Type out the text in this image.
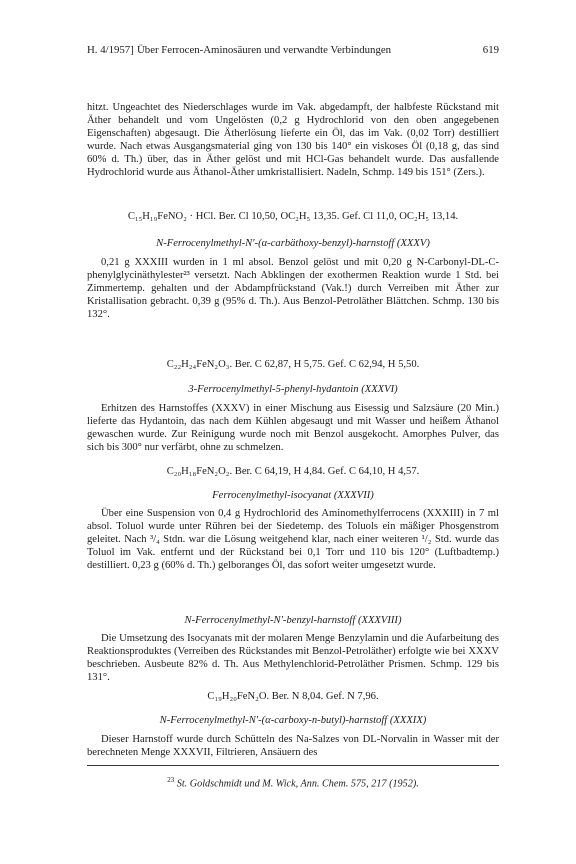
H. 4/1957] Über Ferrocen-Aminosäuren und verwandte Verbindungen	619

hitzt. Ungeachtet des Niederschlages wurde im Vak. abgedampft, der halbfeste Rückstand mit Äther behandelt und vom Ungelösten (0,2 g Hydrochlorid von den oben angegebenen Eigenschaften) abgesaugt. Die Ätherlösung lieferte ein Öl, das im Vak. (0,02 Torr) destilliert wurde. Nach etwas Ausgangsmaterial ging von 130 bis 140° ein viskoses Öl (0,18 g, das sind 60% d. Th.) über, das in Äther gelöst und mit HCl-Gas behandelt wurde. Das ausfallende Hydrochlorid wurde aus Äthanol-Äther umkristallisiert. Nadeln, Schmp. 149 bis 151° (Zers.).

C₁₅H₁₉FeNO₂ · HCl. Ber. Cl 10,50, OC₂H₅ 13,35. Gef. Cl 11,0, OC₂H₅ 13,14.

N-Ferrocenylmethyl-N′-(α-carbäthoxy-benzyl)-harnstoff (XXXV)

0,21 g XXXIII wurden in 1 ml absol. Benzol gelöst und mit 0,20 g N-Carbonyl-DL-C-phenylglycinäthylester²³ versetzt. Nach Abklingen der exothermen Reaktion wurde 1 Std. bei Zimmertemp. gehalten und der Abdampfrückstand (Vak.!) durch Verreiben mit Äther zur Kristallisation gebracht. 0,39 g (95% d. Th.). Aus Benzol-Petroläther Blättchen. Schmp. 130 bis 132°.

C₂₂H₂₄FeN₂O₃. Ber. C 62,87, H 5,75. Gef. C 62,94, H 5,50.

3-Ferrocenylmethyl-5-phenyl-hydantoin (XXXVI)

Erhitzen des Harnstoffes (XXXV) in einer Mischung aus Eisessig und Salzsäure (20 Min.) lieferte das Hydantoin, das nach dem Kühlen abgesaugt und mit Wasser und heißem Äthanol gewaschen wurde. Zur Reinigung wurde noch mit Benzol ausgekocht. Amorphes Pulver, das sich bis 300° nur verfärbt, ohne zu schmelzen.

C₂₀H₁₈FeN₂O₂. Ber. C 64,19, H 4,84. Gef. C 64,10, H 4,57.

Ferrocenylmethyl-isocyanat (XXXVII)

Über eine Suspension von 0,4 g Hydrochlorid des Aminomethylferrocens (XXXIII) in 7 ml absol. Toluol wurde unter Rühren bei der Siedetemp. des Toluols ein mäßiger Phosgenstrom geleitet. Nach ³/₄ Stdn. war die Lösung weitgehend klar, nach einer weiteren ¹/₂ Std. wurde das Toluol im Vak. entfernt und der Rückstand bei 0,1 Torr und 110 bis 120° (Luftbadtemp.) destilliert. 0,23 g (60% d. Th.) gelboranges Öl, das sofort weiter umgesetzt wurde.

N-Ferrocenylmethyl-N′-benzyl-harnstoff (XXXVIII)

Die Umsetzung des Isocyanats mit der molaren Menge Benzylamin und die Aufarbeitung des Reaktionsproduktes (Verreiben des Rückstandes mit Benzol-Petroläther) erfolgte wie bei XXXV beschrieben. Ausbeute 82% d. Th. Aus Methylenchlorid-Petroläther Prismen. Schmp. 129 bis 131°.

C₁₉H₂₀FeN₂O. Ber. N 8,04. Gef. N 7,96.

N-Ferrocenylmethyl-N′-(α-carboxy-n-butyl)-harnstoff (XXXIX)

Dieser Harnstoff wurde durch Schütteln des Na-Salzes von DL-Norvalin in Wasser mit der berechneten Menge XXXVII, Filtrieren, Ansäuern des

$^{23}$ St. Goldschmidt und M. Wick, Ann. Chem. 575, 217 (1952).
